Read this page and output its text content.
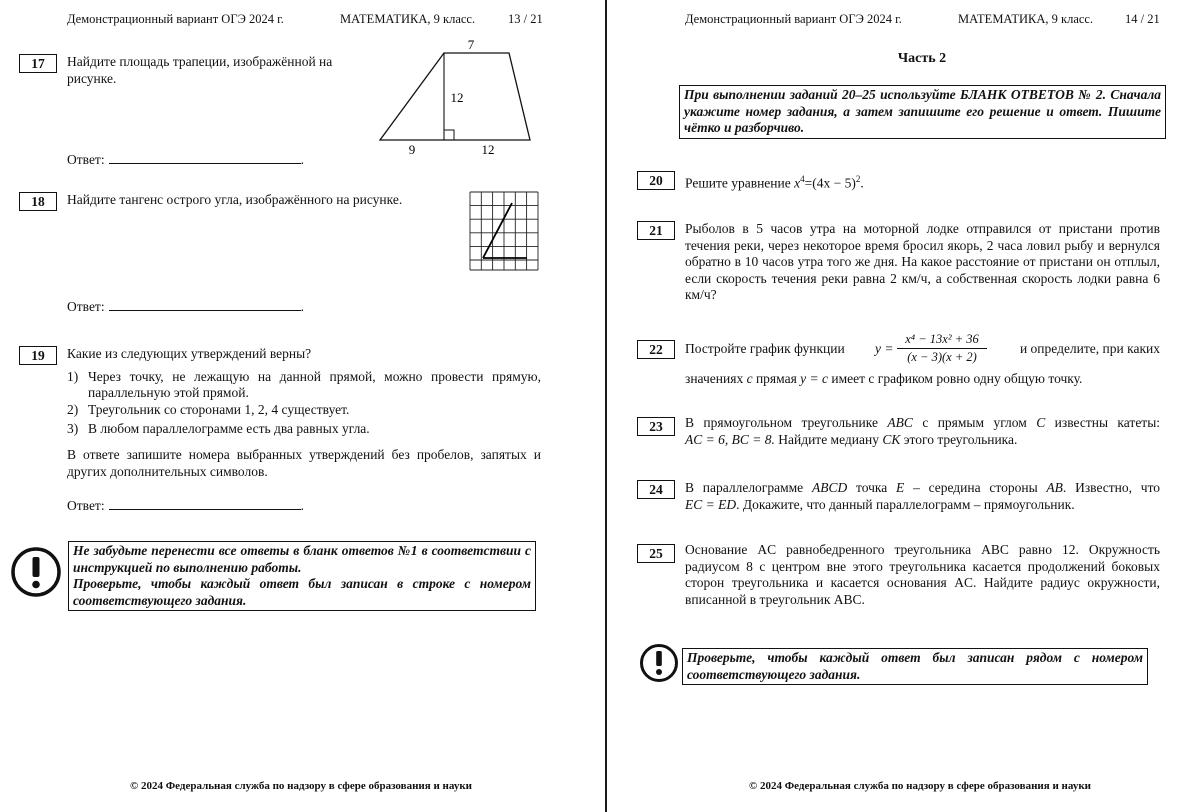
Демонстрационный вариант ОГЭ 2024 г.	МАТЕМАТИКА, 9 класс.	13 / 21
17	Найдите площадь трапеции, изображённой на рисунке.
7
12
9	12
Ответ:	.
18	Найдите тангенс острого угла, изображённого на рисунке.
Ответ:	.
19	Какие из следующих утверждений верны?
1) Через точку, не лежащую на данной прямой, можно провести прямую, параллельную этой прямой.
2) Треугольник со сторонами 1, 2, 4 существует.
3) В любом параллелограмме есть два равных угла.
В ответе запишите номера выбранных утверждений без пробелов, запятых и других дополнительных символов.
Ответ:	.
Не забудьте перенести все ответы в бланк ответов №1 в соответствии с инструкцией по выполнению работы.
Проверьте, чтобы каждый ответ был записан в строке с номером соответствующего задания.
© 2024 Федеральная служба по надзору в сфере образования и науки
Демонстрационный вариант ОГЭ 2024 г.	МАТЕМАТИКА, 9 класс.	14 / 21
Часть 2
При выполнении заданий 20–25 используйте БЛАНК ОТВЕТОВ № 2. Сначала укажите номер задания, а затем запишите его решение и ответ. Пишите чётко и разборчиво.
20	Решите уравнение $x^4=(4x - 5)^2$.
21	Рыболов в 5 часов утра на моторной лодке отправился от пристани против течения реки, через некоторое время бросил якорь, 2 часа ловил рыбу и вернулся обратно в 10 часов утра того же дня. На какое расстояние от пристани он отплыл, если скорость течения реки равна 2 км/ч, а собственная скорость лодки равна 6 км/ч?
22	Постройте график функции y =
x⁴ − 13x² + 36
(x − 3)(x + 2)
и определите, при каких
значениях c прямая y = c имеет с графиком ровно одну общую точку.
23	В прямоугольном треугольнике ABC с прямым углом C известны катеты:
AC = 6, BC = 8. Найдите медиану CK этого треугольника.
24	В параллелограмме ABCD точка E – середина стороны AB. Известно, что
EC = ED. Докажите, что данный параллелограмм – прямоугольник.
25	Основание AC равнобедренного треугольника ABC равно 12. Окружность радиусом 8 с центром вне этого треугольника касается продолжений боковых сторон треугольника и касается основания AC. Найдите радиус окружности, вписанной в треугольник ABC.
Проверьте, чтобы каждый ответ был записан рядом с номером соответствующего задания.
© 2024 Федеральная служба по надзору в сфере образования и науки
